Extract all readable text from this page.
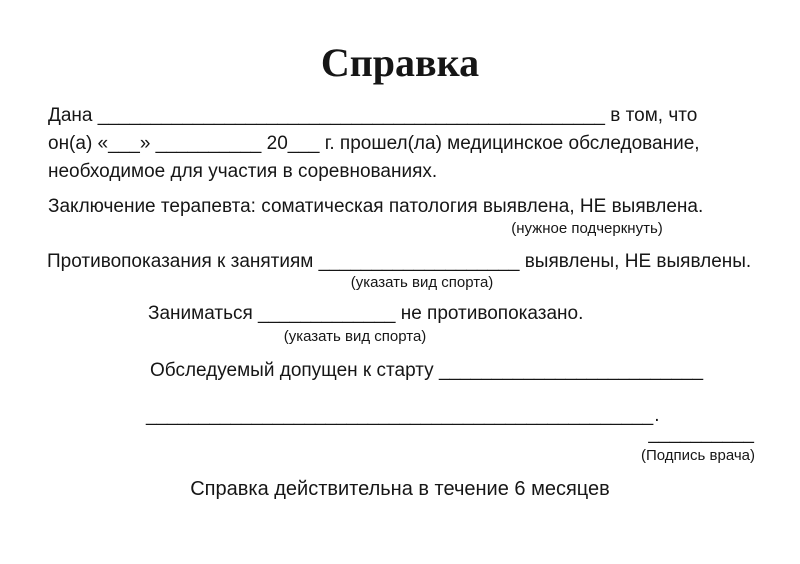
Справка
Дана ________________________________________________ в том, что
он(а) «___» __________ 20___ г. прошел(ла) медицинское обследование,
необходимое для участия в соревнованиях.
Заключение терапевта: соматическая патология выявлена, НЕ выявлена.
(нужное подчеркнуть)
Противопоказания к занятиям ___________________ выявлены, НЕ выявлены.
(указать вид спорта)
Заниматься _____________ не противопоказано.
(указать вид спорта)
Обследуемый допущен к старту _________________________
________________________________________________.
__________
(Подпись врача)
Справка действительна в течение 6 месяцев
